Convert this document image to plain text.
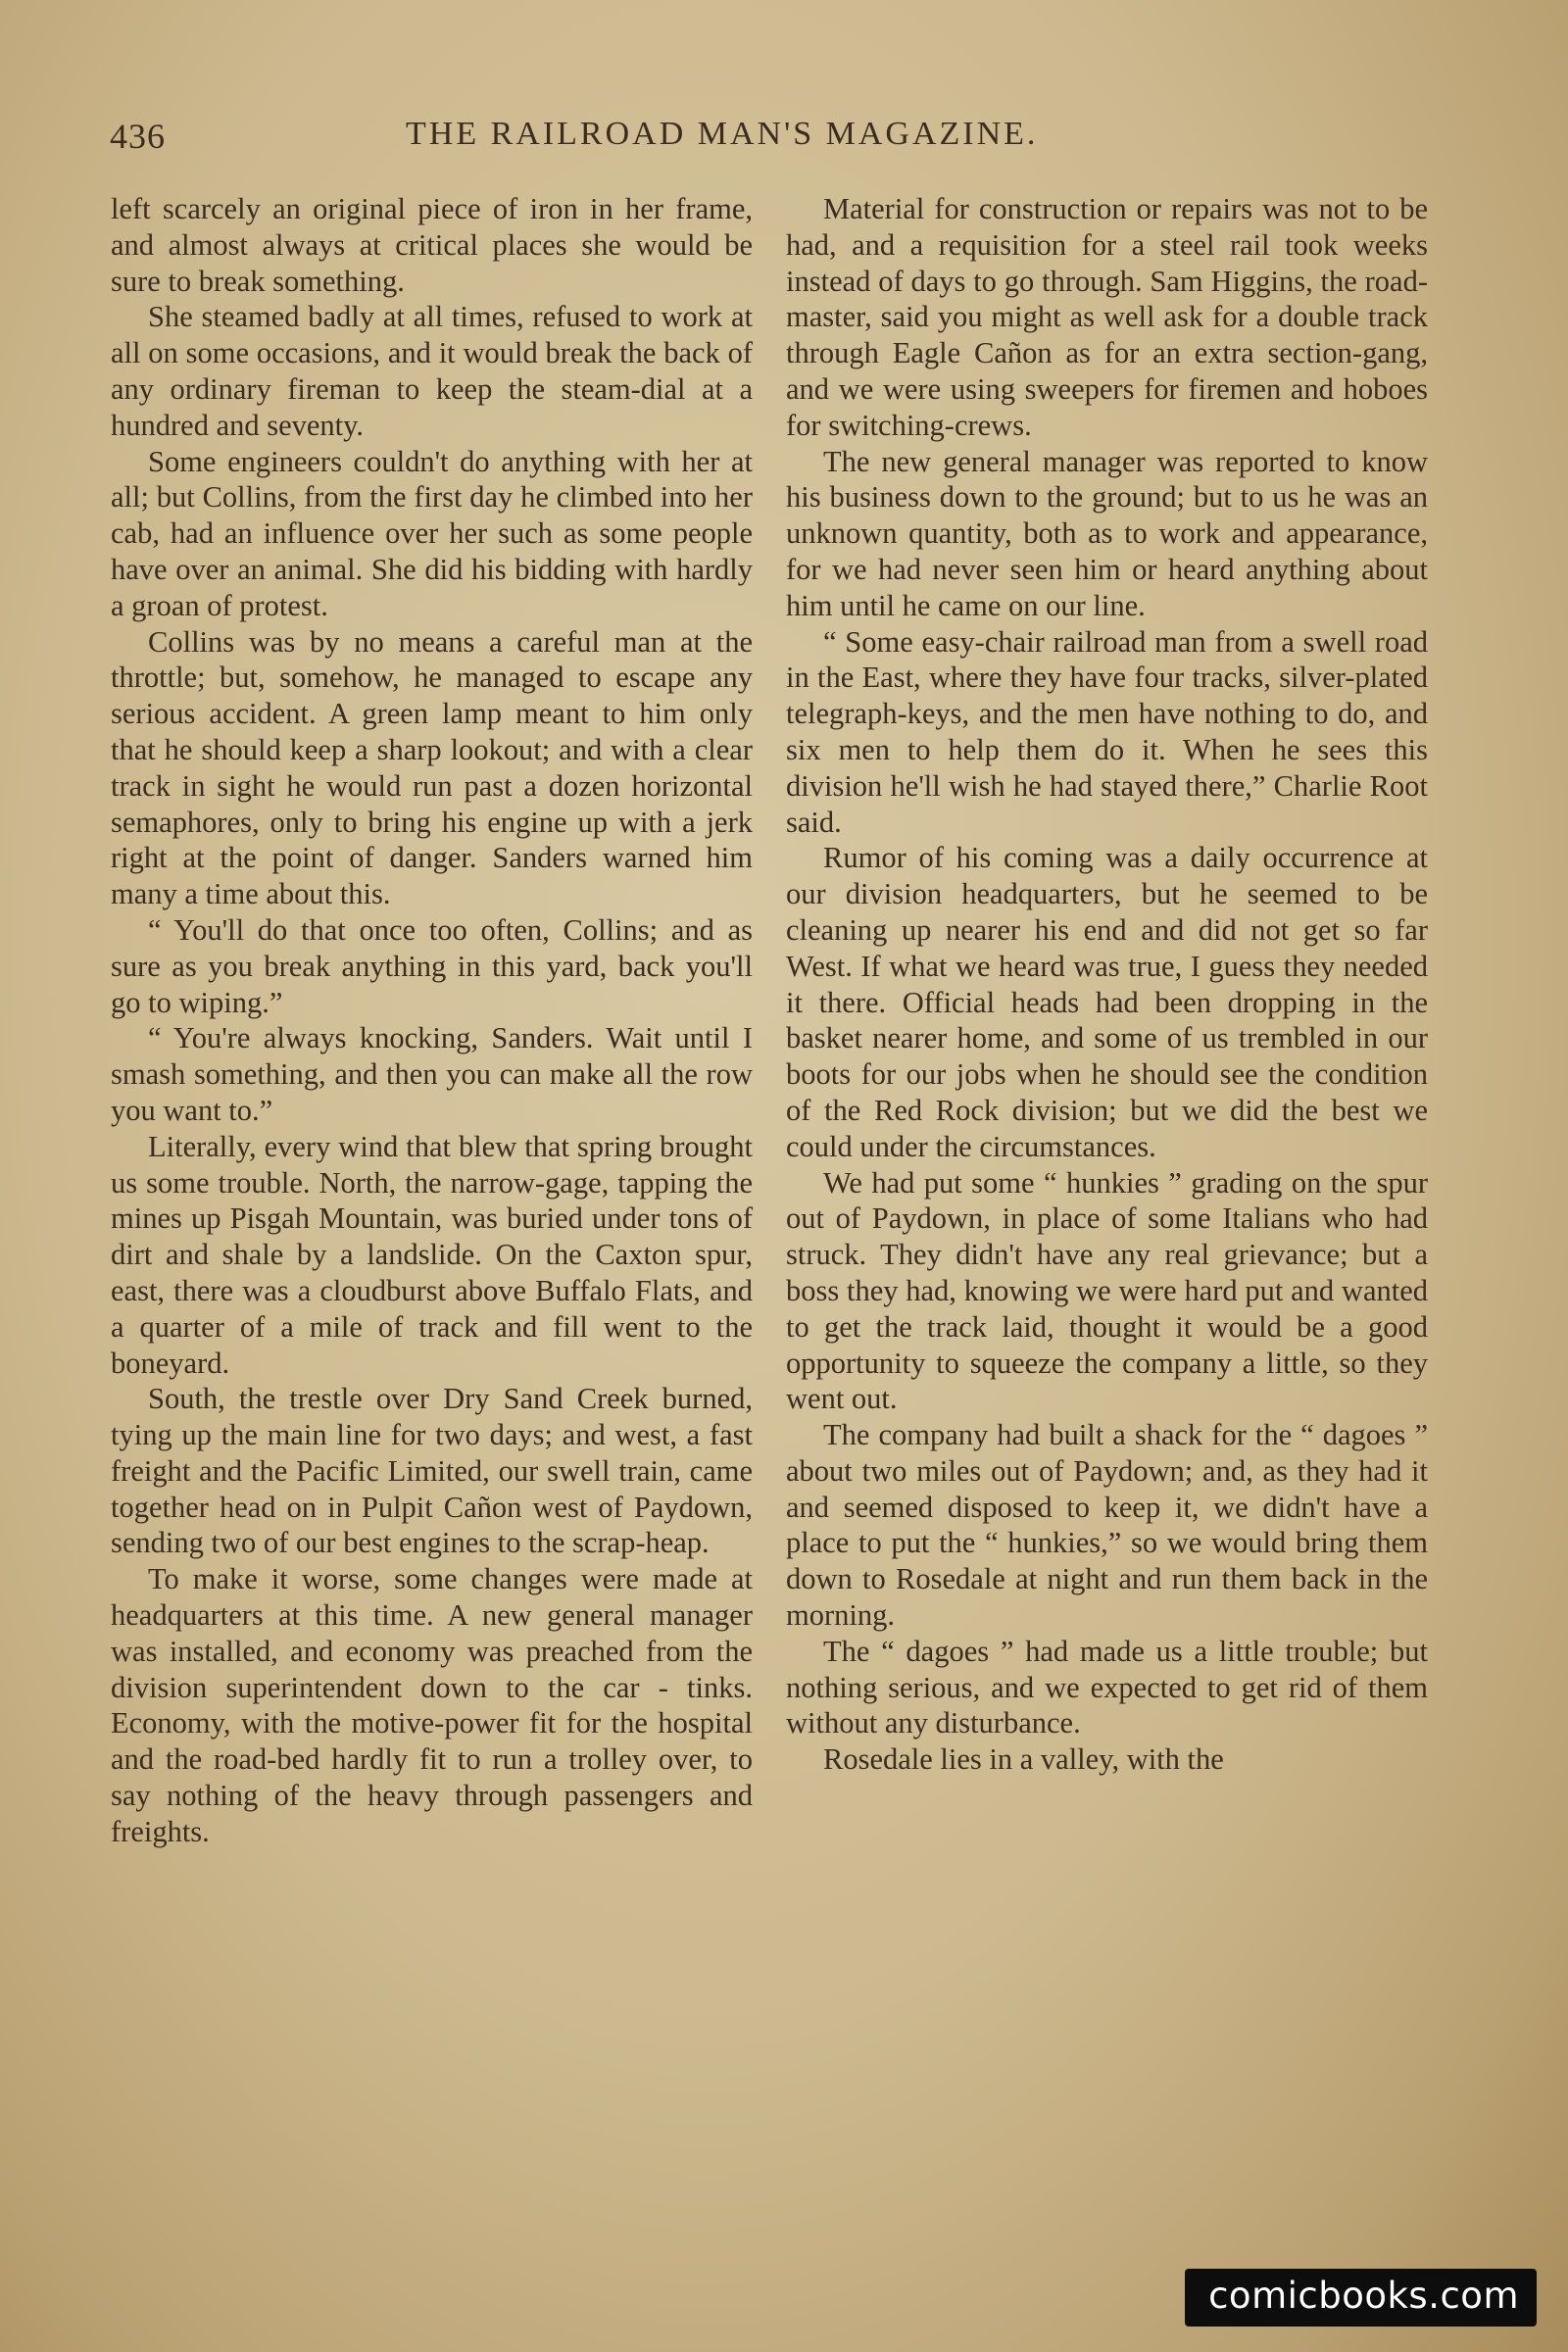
436	THE RAILROAD MAN'S MAGAZINE.

left scarcely an original piece of iron in her frame, and almost always at critical places she would be sure to break something.

She steamed badly at all times, refused to work at all on some occasions, and it would break the back of any ordinary fireman to keep the steam-dial at a hundred and seventy.

Some engineers couldn't do anything with her at all; but Collins, from the first day he climbed into her cab, had an influence over her such as some people have over an animal. She did his bidding with hardly a groan of protest.

Collins was by no means a careful man at the throttle; but, somehow, he managed to escape any serious accident. A green lamp meant to him only that he should keep a sharp lookout; and with a clear track in sight he would run past a dozen horizontal semaphores, only to bring his engine up with a jerk right at the point of danger. Sanders warned him many a time about this.

“ You'll do that once too often, Collins; and as sure as you break anything in this yard, back you'll go to wiping.”

“ You're always knocking, Sanders. Wait until I smash something, and then you can make all the row you want to.”

Literally, every wind that blew that spring brought us some trouble. North, the narrow-gage, tapping the mines up Pisgah Mountain, was buried under tons of dirt and shale by a landslide. On the Caxton spur, east, there was a cloudburst above Buffalo Flats, and a quarter of a mile of track and fill went to the boneyard.

South, the trestle over Dry Sand Creek burned, tying up the main line for two days; and west, a fast freight and the Pacific Limited, our swell train, came together head on in Pulpit Cañon west of Paydown, sending two of our best engines to the scrap-heap.

To make it worse, some changes were made at headquarters at this time. A new general manager was installed, and economy was preached from the division superintendent down to the car - tinks. Economy, with the motive-power fit for the hospital and the road-bed hardly fit to run a trolley over, to say nothing of the heavy through passengers and freights.

Material for construction or repairs was not to be had, and a requisition for a steel rail took weeks instead of days to go through. Sam Higgins, the road-master, said you might as well ask for a double track through Eagle Cañon as for an extra section-gang, and we were using sweepers for firemen and hoboes for switching-crews.

The new general manager was reported to know his business down to the ground; but to us he was an unknown quantity, both as to work and appearance, for we had never seen him or heard anything about him until he came on our line.

“ Some easy-chair railroad man from a swell road in the East, where they have four tracks, silver-plated telegraph-keys, and the men have nothing to do, and six men to help them do it. When he sees this division he'll wish he had stayed there,” Charlie Root said.

Rumor of his coming was a daily occurrence at our division headquarters, but he seemed to be cleaning up nearer his end and did not get so far West. If what we heard was true, I guess they needed it there. Official heads had been dropping in the basket nearer home, and some of us trembled in our boots for our jobs when he should see the condition of the Red Rock division; but we did the best we could under the circumstances.

We had put some “ hunkies ” grading on the spur out of Paydown, in place of some Italians who had struck. They didn't have any real grievance; but a boss they had, knowing we were hard put and wanted to get the track laid, thought it would be a good opportunity to squeeze the company a little, so they went out.

The company had built a shack for the “ dagoes ” about two miles out of Paydown; and, as they had it and seemed disposed to keep it, we didn't have a place to put the “ hunkies,” so we would bring them down to Rosedale at night and run them back in the morning.

The “ dagoes ” had made us a little trouble; but nothing serious, and we expected to get rid of them without any disturbance.

Rosedale lies in a valley, with the

comicbooks.com
